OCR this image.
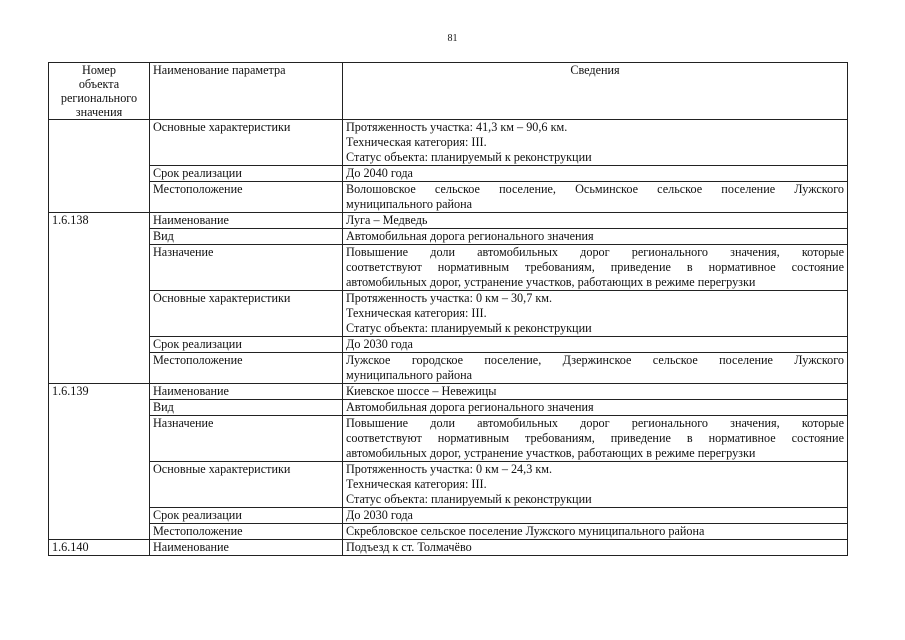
81
Номер
объекта
регионального
значения	Наименование параметра	Сведения
	Основные характеристики	Протяженность участка: 41,3 км – 90,6 км.
Техническая категория: III.
Статус объекта: планируемый к реконструкции

	Срок реализации	До 2040 года

	Местоположение	Волошовское сельское поселение, Осьминское сельское поселение Лужского
муниципального района

1.6.138	Наименование	Луга – Медведь

	Вид	Автомобильная дорога регионального значения

	Назначение	Повышение доли автомобильных дорог регионального значения, которые
соответствуют нормативным требованиям, приведение в нормативное состояние
автомобильных дорог, устранение участков, работающих в режиме перегрузки

	Основные характеристики	Протяженность участка: 0 км – 30,7 км.
Техническая категория: III.
Статус объекта: планируемый к реконструкции

	Срок реализации	До 2030 года

	Местоположение	Лужское городское поселение, Дзержинское сельское поселение Лужского
муниципального района

1.6.139	Наименование	Киевское шоссе – Невежицы

	Вид	Автомобильная дорога регионального значения

	Назначение	Повышение доли автомобильных дорог регионального значения, которые
соответствуют нормативным требованиям, приведение в нормативное состояние
автомобильных дорог, устранение участков, работающих в режиме перегрузки

	Основные характеристики	Протяженность участка: 0 км – 24,3 км.
Техническая категория: III.
Статус объекта: планируемый к реконструкции

	Срок реализации	До 2030 года

	Местоположение	Скребловское сельское поселение Лужского муниципального района

1.6.140	Наименование	Подъезд к ст. Толмачёво
